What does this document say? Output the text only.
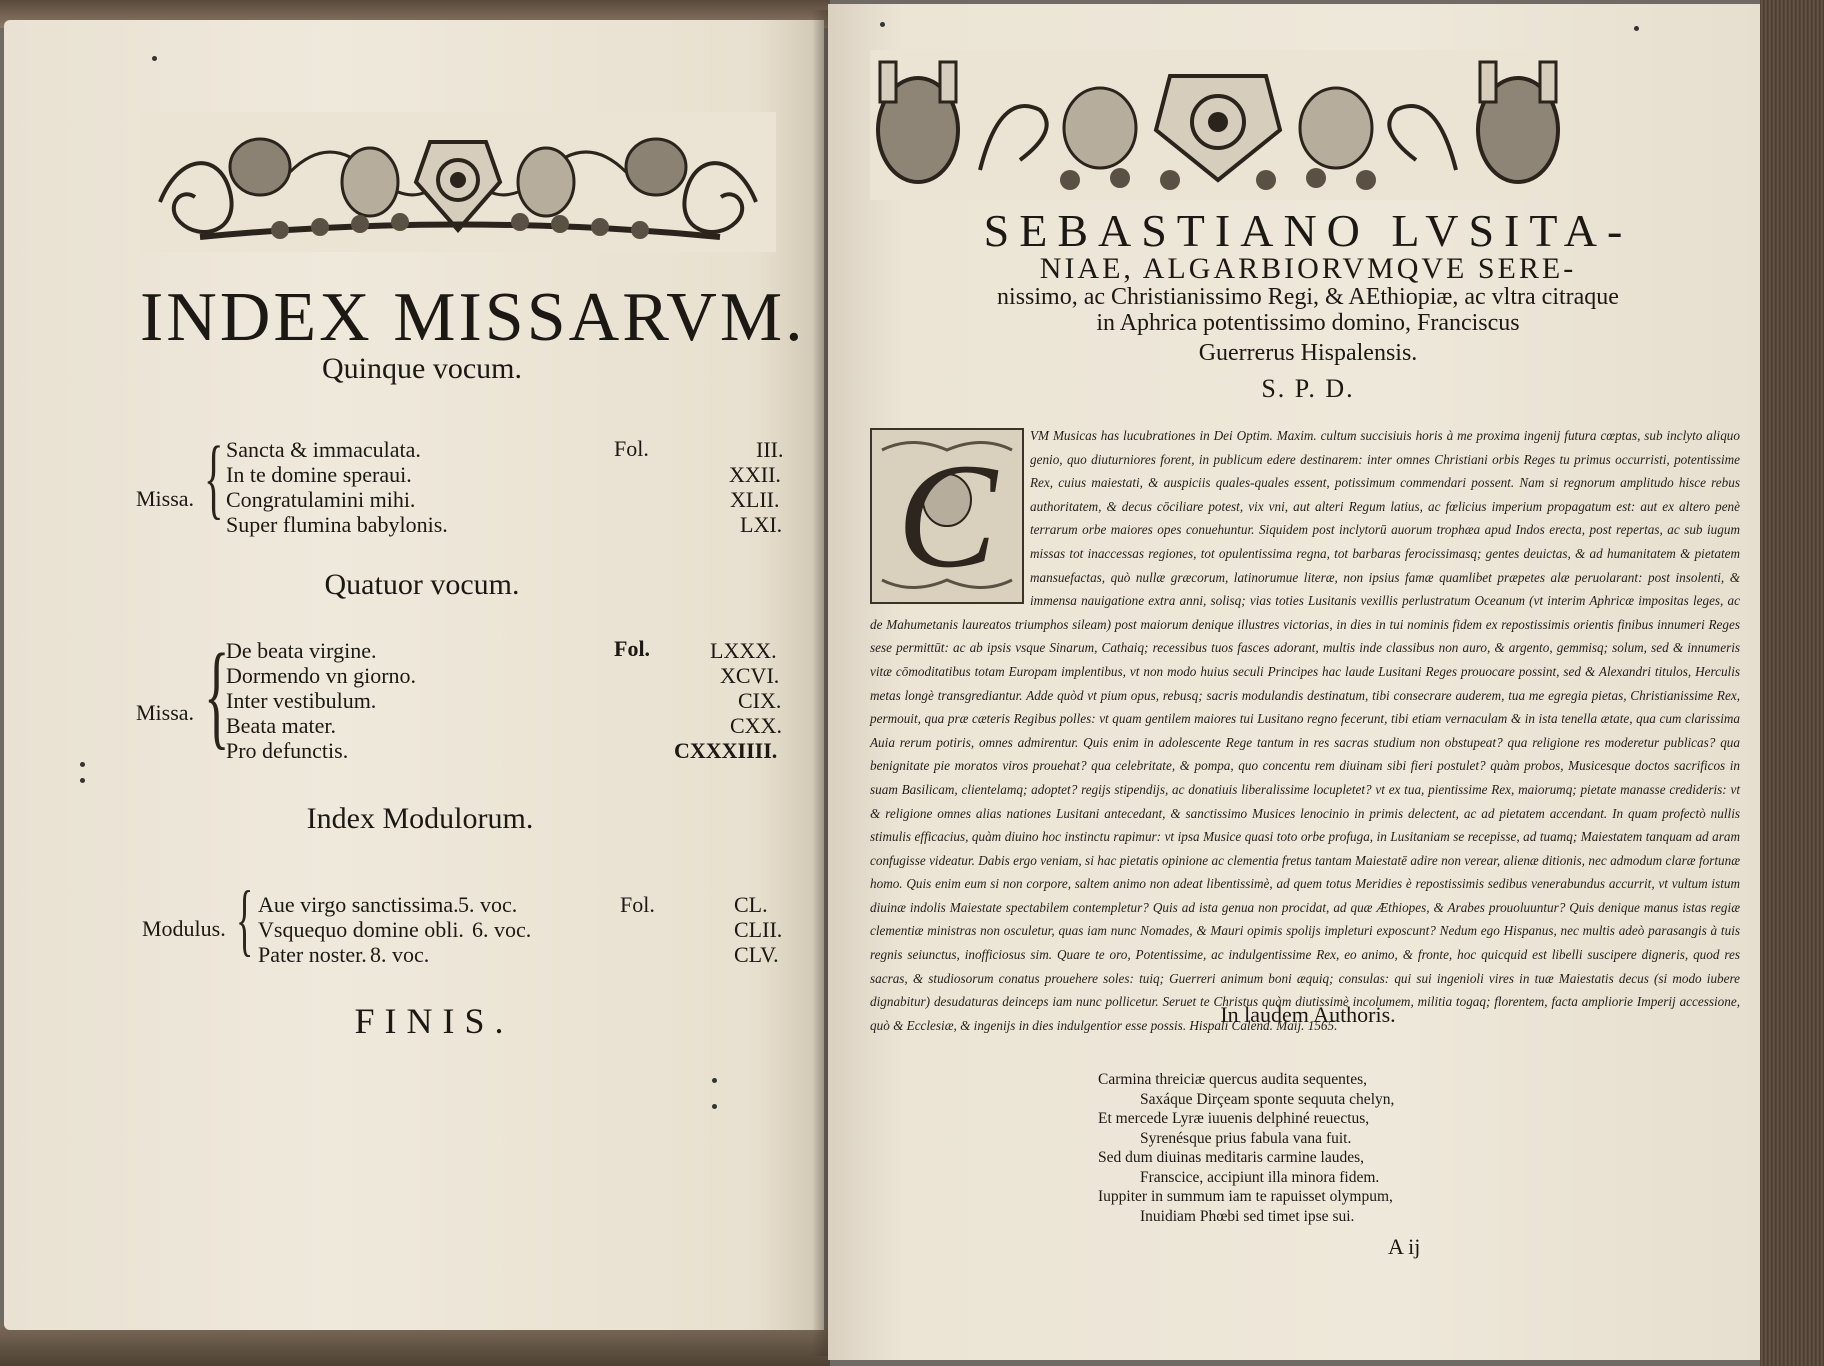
INDEX MISSARVM.
Quinque vocum.
Missa. {	Fol.
Sancta & immaculata.	III.
In te domine speraui.	XXII.
Congratulamini mihi.	XLII.
Super flumina babylonis.	LXI.
Quatuor vocum.
Missa. {	Fol.
De beata virgine.	LXXX.
Dormendo vn giorno.	XCVI.
Inter vestibulum.	CIX.
Beata mater.	CXX.
Pro defunctis.	CXXXIIII.
Index Modulorum.
Modulus. {	Fol.
Aue virgo sanctissima. 5. voc.	CL.
Vsquequo domine obli. 6. voc.	CLII.
Pater noster. 8. voc.	CLV.
FINIS.
SEBASTIANO LVSITA-
NIAE, ALGARBIORVMQVE SERE-
nissimo, ac Christianissimo Regi, & AEthiopiæ, ac vltra citraque
in Aphrica potentissimo domino, Franciscus
Guerrerus Hispalensis.
S. P. D.
C	VM Musicas has lucubrationes in Dei Optim. Maxim. cultum succisiuis horis à me proxima ingenij futura cœptas, sub inclyto aliquo genio, quo diuturniores forent, in publicum edere destinarem: inter omnes Christiani orbis Reges tu primus occurristi, potentissime Rex, cuius maiestati, & auspiciis quales-quales essent, potissimum commendari possent. Nam si regnorum amplitudo hisce rebus authoritatem, & decus cōciliare potest, vix vni, aut alteri Regum latius, ac fœlicius imperium propagatum est: aut ex altero penè terrarum orbe maiores opes conuehuntur. Siquidem post inclytorū auorum trophæa apud Indos erecta, post repertas, ac sub iugum missas tot inaccessas regiones, tot opulentissima regna, tot barbaras ferocissimasq; gentes deuictas, & ad humanitatem & pietatem mansuefactas, quò nullæ græcorum, latinorumue literæ, non ipsius famæ quamlibet præpetes alæ peruolarant: post insolenti, & immensa nauigatione extra anni, solisq; vias toties Lusitanis vexillis perlustratum Oceanum (vt interim Aphricæ impositas leges, ac de Mahumetanis laureatos triumphos sileam) post maiorum denique illustres victorias, in dies in tui nominis fidem ex repostissimis orientis finibus innumeri Reges sese permittūt: ac ab ipsis vsque Sinarum, Cathaiq; recessibus tuos fasces adorant, multis inde classibus non auro, & argento, gemmisq; solum, sed & innumeris vitæ cōmoditatibus totam Europam implentibus, vt non modo huius seculi Principes hac laude Lusitani Reges prouocare possint, sed & Alexandri titulos, Herculis metas longè transgrediantur. Adde quòd vt pium opus, rebusq; sacris modulandis destinatum, tibi consecrare auderem, tua me egregia pietas, Christianissime Rex, permouit, qua præ cæteris Regibus polles: vt quam gentilem maiores tui Lusitano regno fecerunt, tibi etiam vernaculam & in ista tenella ætate, qua cum clarissima Auia rerum potiris, omnes admirentur. Quis enim in adolescente Rege tantum in res sacras studium non obstupeat? qua religione res moderetur publicas? qua benignitate pie moratos viros prouehat? qua celebritate, & pompa, quo concentu rem diuinam sibi fieri postulet? quàm probos, Musicesque doctos sacrificos in suam Basilicam, clientelamq; adoptet? regijs stipendijs, ac donatiuis liberalissime locupletet? vt ex tua, pientissime Rex, maiorumq; pietate manasse credideris: vt & religione omnes alias nationes Lusitani antecedant, & sanctissimo Musices lenocinio in primis delectent, ac ad pietatem accendant. In quam profectò nullis stimulis efficacius, quàm diuino hoc instinctu rapimur: vt ipsa Musice quasi toto orbe profuga, in Lusitaniam se recepisse, ad tuamq; Maiestatem tanquam ad aram confugisse videatur. Dabis ergo veniam, si hac pietatis opinione ac clementia fretus tantam Maiestatē adire non verear, alienæ ditionis, nec admodum claræ fortunæ homo. Quis enim eum si non corpore, saltem animo non adeat libentissimè, ad quem totus Meridies è repostissimis sedibus venerabundus accurrit, vt vultum istum diuinæ indolis Maiestate spectabilem contempletur? Quis ad ista genua non procidat, ad quæ Æthiopes, & Arabes prouoluuntur? Quis denique manus istas regiæ clementiæ ministras non osculetur, quas iam nunc Nomades, & Mauri opimis spolijs impleturi exposcunt? Nedum ego Hispanus, nec multis adeò parasangis à tuis regnis seiunctus, inofficiosus sim. Quare te oro, Potentissime, ac indulgentissime Rex, eo animo, & fronte, hoc quicquid est libelli suscipere digneris, quod res sacras, & studiosorum conatus prouehere soles: tuiq; Guerreri animum boni æquiq; consulas: qui sui ingenioli vires in tuæ Maiestatis decus (si modo iubere dignabitur) desudaturas deinceps iam nunc pollicetur. Seruet te Christus quàm diutissimè incolumem, militia togaq; florentem, facta ampliorie Imperij accessione, quò & Ecclesiæ, & ingenijs in dies indulgentior esse possis. Hispali Calend. Maij. 1565.
In laudem Authoris.
Carmina threiciæ quercus audita sequentes,
Saxáque Dirçeam sponte sequuta chelyn,
Et mercede Lyræ iuuenis delphiné reuectus,
Syrenésque prius fabula vana fuit.
Sed dum diuinas meditaris carmine laudes,
Franscice, accipiunt illa minora fidem.
Iuppiter in summum iam te rapuisset olympum,
Inuidiam Phœbi sed timet ipse sui.
A ij
